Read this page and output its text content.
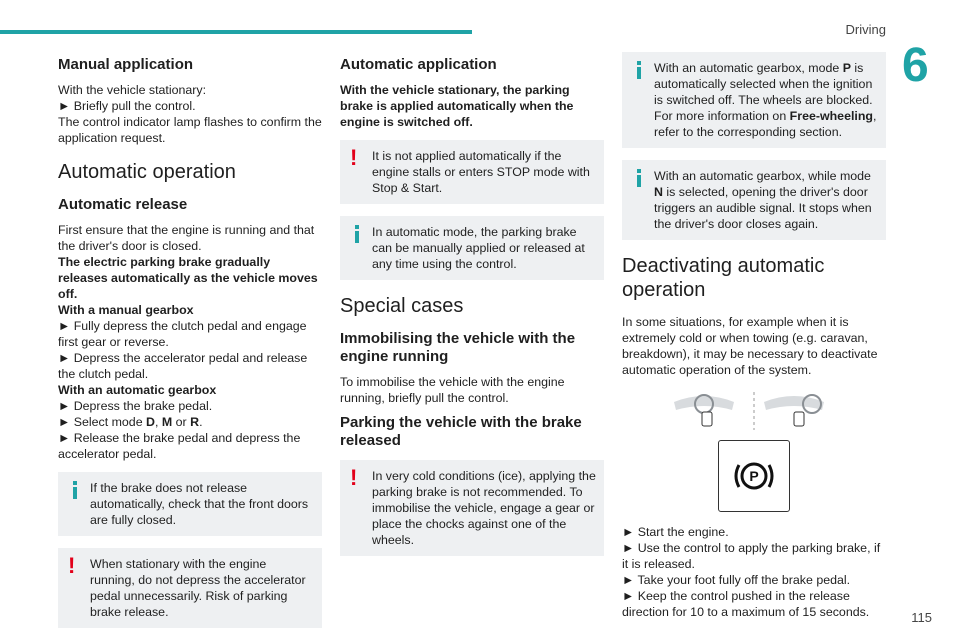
Driving
6
Manual application

With the vehicle stationary:
► Briefly pull the control.
The control indicator lamp flashes to confirm the application request.

Automatic operation
Automatic release
First ensure that the engine is running and that the driver's door is closed.
The electric parking brake gradually releases automatically as the vehicle moves off.
With a manual gearbox
► Fully depress the clutch pedal and engage first gear or reverse.
► Depress the accelerator pedal and release the clutch pedal.
With an automatic gearbox
► Depress the brake pedal.
► Select mode D, M or R.
► Release the brake pedal and depress the accelerator pedal.
If the brake does not release automatically, check that the front doors are fully closed.
!	When stationary with the engine running, do not depress the accelerator pedal unnecessarily. Risk of parking brake release.
Automatic application

With the vehicle stationary, the parking brake is applied automatically when the engine is switched off.

!	It is not applied automatically if the engine stalls or enters STOP mode with Stop & Start.
In automatic mode, the parking brake can be manually applied or released at any time using the control.
Special cases
Immobilising the vehicle with the engine running

To immobilise the vehicle with the engine running, briefly pull the control.

Parking the vehicle with the brake released
!	In very cold conditions (ice), applying the parking brake is not recommended. To immobilise the vehicle, engage a gear or place the chocks against one of the wheels.
With an automatic gearbox, mode P is automatically selected when the ignition is switched off. The wheels are blocked. For more information on Free-wheeling, refer to the corresponding section.
With an automatic gearbox, while mode N is selected, opening the driver's door triggers an audible signal. It stops when the driver's door closes again.
Deactivating automatic operation

In some situations, for example when it is extremely cold or when towing (e.g. caravan, breakdown), it may be necessary to deactivate automatic operation of the system.

P
► Start the engine.
► Use the control to apply the parking brake, if it is released.
► Take your foot fully off the brake pedal.
► Keep the control pushed in the release direction for 10 to a maximum of 15 seconds.	115
